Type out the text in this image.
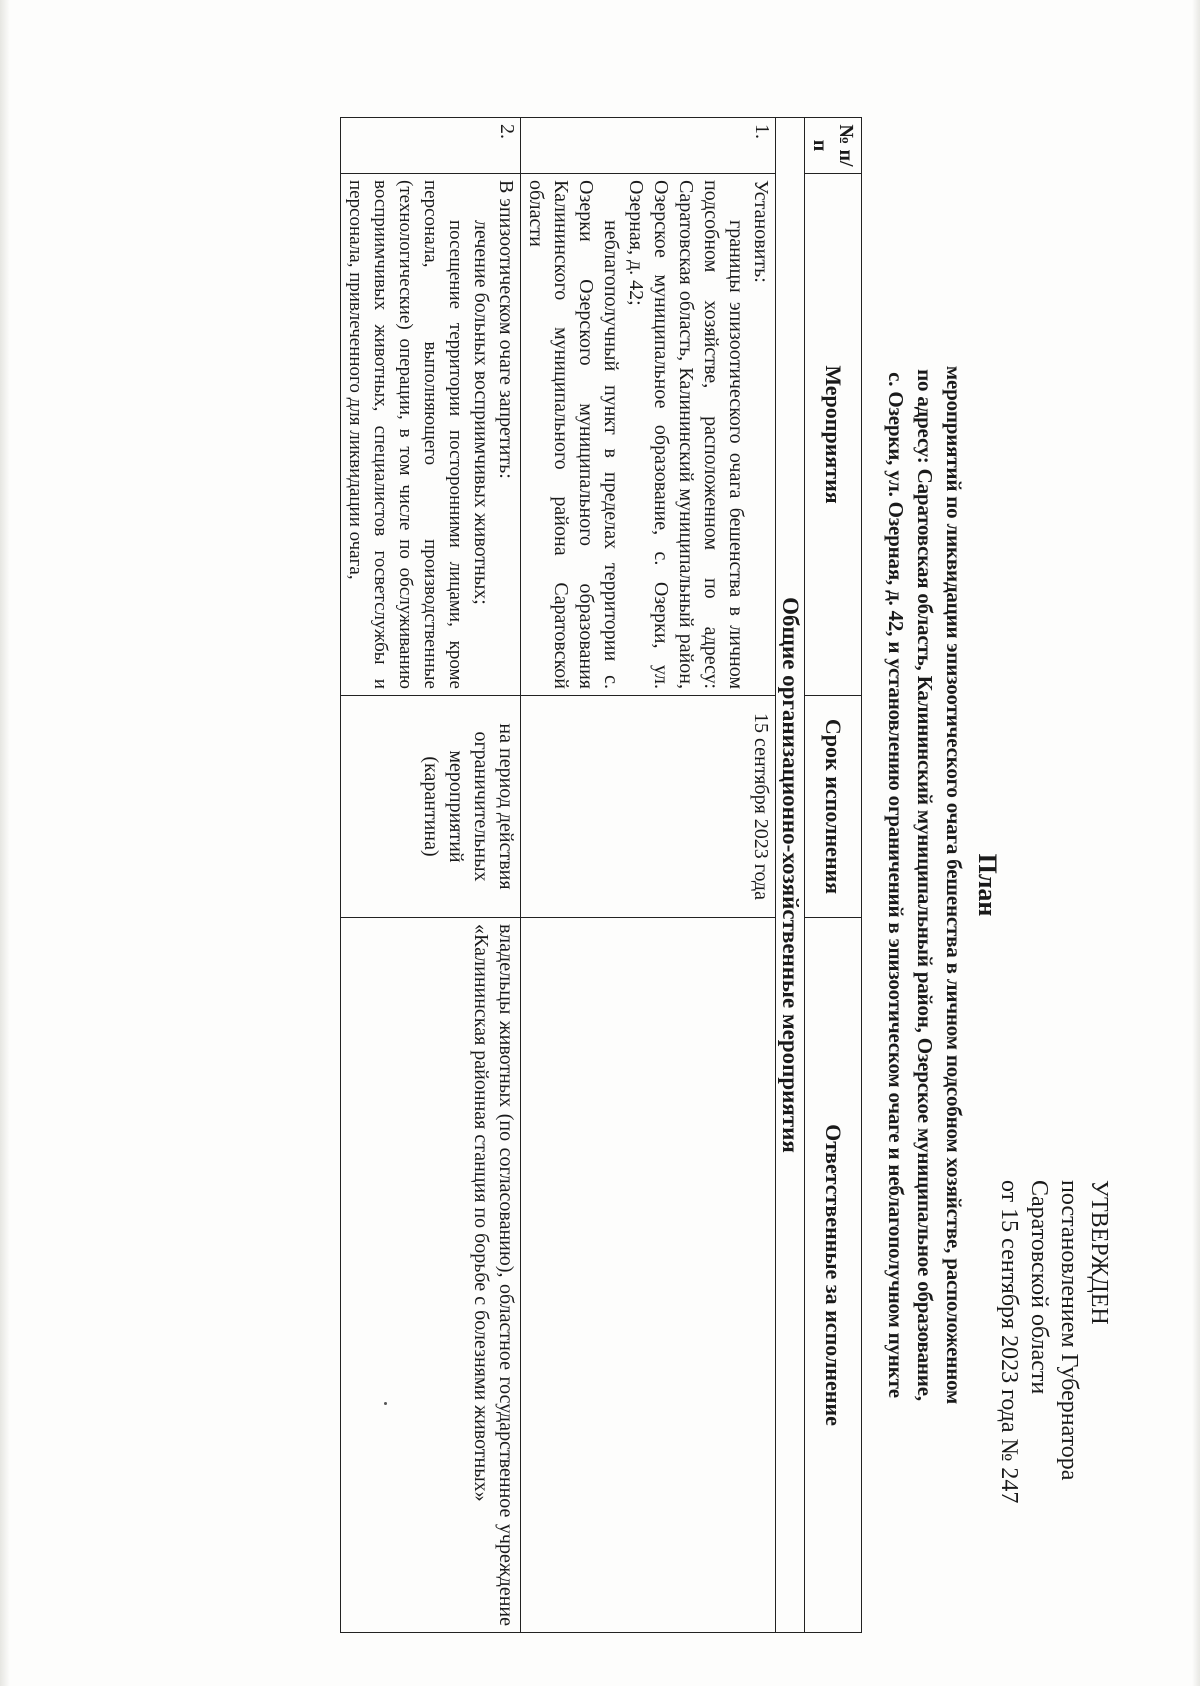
УТВЕРЖДЕН
постановлением Губернатора
Саратовской области
от 15 сентября 2023 года № 247
План
мероприятий по ликвидации эпизоотического очага бешенства в личном подсобном хозяйстве, расположенном
по адресу: Саратовская область, Калининский муниципальный район, Озерское муниципальное образование,
с. Озерки, ул. Озерная, д. 42, и установлению ограничений в эпизоотическом очаге и неблагополучном пункте
№ п/п	Мероприятия	Срок исполнения	Ответственные за исполнение
Общие организационно-хозяйственные мероприятия			
1.	Установить:
границы эпизоотического очага бешенства в личном подсобном хозяйстве, расположенном по адресу: Саратовская область, Калининский муниципальный район, Озерское муниципальное образование, с. Озерки, ул. Озерная, д. 42;
неблагополучный пункт в пределах территории с. Озерки Озерского муниципального образования Калининского муниципального района Саратовской области	15 сентября 2023 года	
2.	В эпизоотическом очаге запретить:
лечение больных восприимчивых животных;
посещение территории посторонними лицами, кроме персонала, выполняющего производственные (технологические) операции, в том числе по обслуживанию восприимчивых животных, специалистов госветслужбы и персонала, привлеченного для ликвидации очага,	на период действия ограничительных мероприятий (карантина)	владельцы животных (по согласованию), областное государственное учреждение «Калининская районная станция по борьбе с болезнями животных»
